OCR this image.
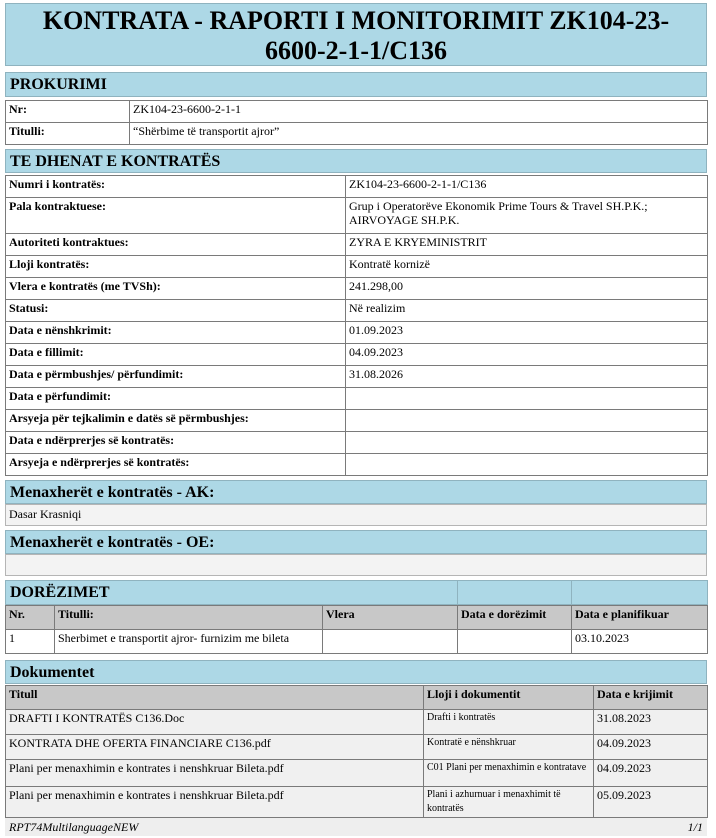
KONTRATA - RAPORTI I MONITORIMIT ZK104-23-
6600-2-1-1/C136
PROKURIMI
Nr:	ZK104-23-6600-2-1-1
Titulli:	“Shërbime të transportit ajror”
TE DHENAT E KONTRATËS
Numri i kontratës:	ZK104-23-6600-2-1-1/C136
Pala kontraktuese:	Grup i Operatorëve Ekonomik Prime Tours & Travel SH.P.K.; AIRVOYAGE SH.P.K.
Autoriteti kontraktues:	ZYRA E KRYEMINISTRIT
Lloji kontratës:	Kontratë kornizë
Vlera e kontratës (me TVSh):	241.298,00
Statusi:	Në realizim
Data e nënshkrimit:	01.09.2023
Data e fillimit:	04.09.2023
Data e përmbushjes/ përfundimit:	31.08.2026
Data e përfundimit:	
Arsyeja për tejkalimin e datës së përmbushjes:	
Data e ndërprerjes së kontratës:	
Arsyeja e ndërprerjes së kontratës:	
Menaxherët e kontratës - AK:
Dasar Krasniqi
Menaxherët e kontratës - OE:
DORËZIMET		
Nr.	Titulli:	Vlera	Data e dorëzimit	Data e planifikuar
1	Sherbimet e transportit ajror- furnizim me bileta			03.10.2023
Dokumentet
Titull	Lloji i dokumentit	Data e krijimit
DRAFTI I KONTRATËS C136.Doc	Drafti i kontratës	31.08.2023
KONTRATA DHE OFERTA FINANCIARE C136.pdf	Kontratë e nënshkruar	04.09.2023
Plani per menaxhimin e kontrates i nenshkruar Bileta.pdf	C01 Plani per menaxhimin e kontratave	04.09.2023
Plani per menaxhimin e kontrates i nenshkruar Bileta.pdf	Plani i azhurnuar i menaxhimit të kontratës	05.09.2023
RPT74MultilanguageNEW	1/1
